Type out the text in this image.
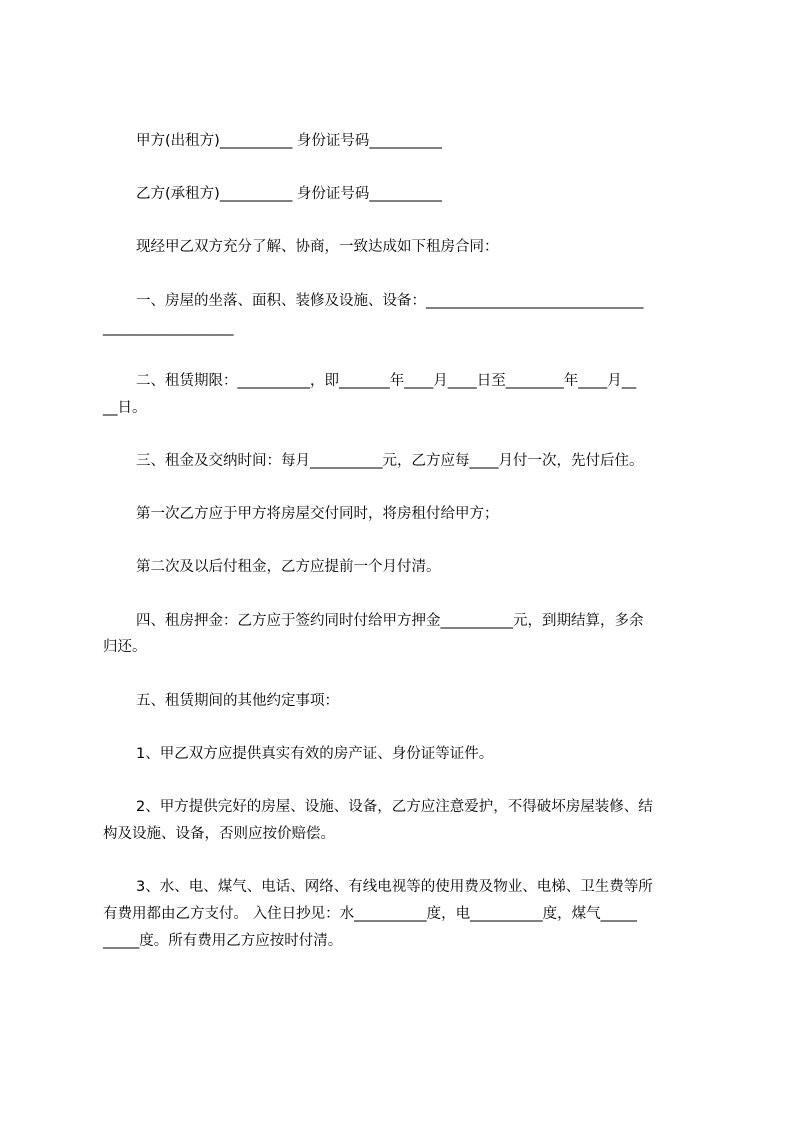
甲方(出租方)__________ 身份证号码__________
乙方(承租方)__________ 身份证号码__________
现经甲乙双方充分了解、协商，一致达成如下租房合同：
一、房屋的坐落、面积、装修及设施、设备：______________________________
__________________
二、租赁期限：__________，即_______年____月____日至________年____月__
__日。
三、租金及交纳时间：每月__________元，乙方应每____月付一次，先付后住。
第一次乙方应于甲方将房屋交付同时，将房租付给甲方；
第二次及以后付租金，乙方应提前一个月付清。
四、租房押金：乙方应于签约同时付给甲方押金__________元，到期结算，多余
归还。
五、租赁期间的其他约定事项：
1、甲乙双方应提供真实有效的房产证、身份证等证件。
2、甲方提供完好的房屋、设施、设备，乙方应注意爱护，不得破坏房屋装修、结
构及设施、设备，否则应按价赔偿。
3、水、电、煤气、电话、网络、有线电视等的使用费及物业、电梯、卫生费等所
有费用都由乙方支付。 入住日抄见：水__________度，电__________度，煤气_____
_____度。所有费用乙方应按时付清。
